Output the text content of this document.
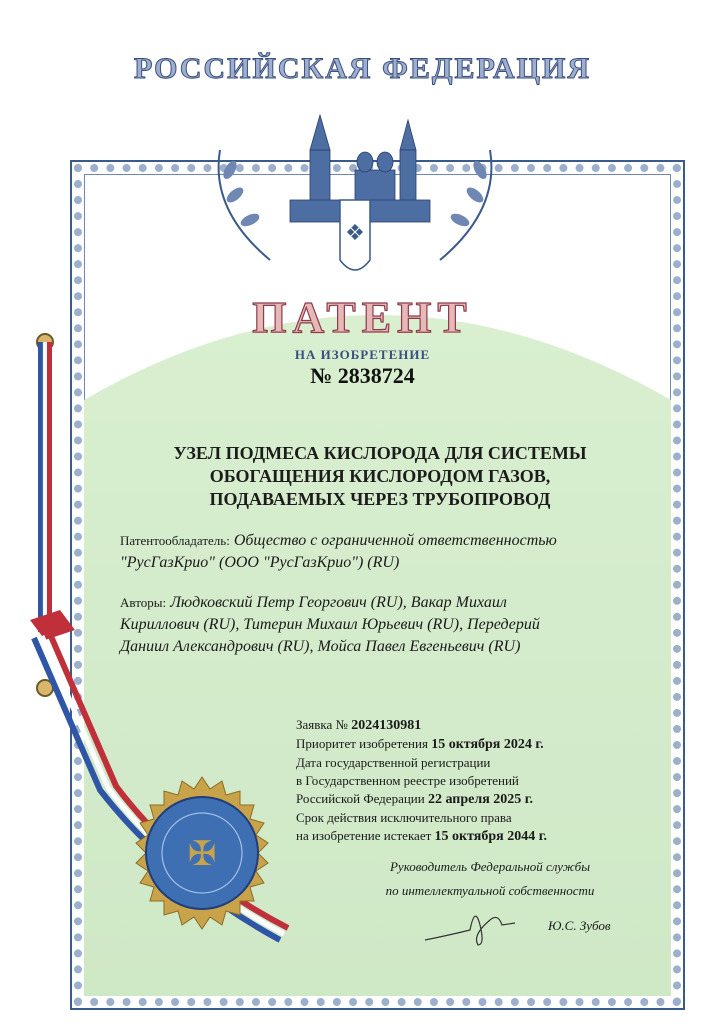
РОССИЙСКАЯ ФЕДЕРАЦИЯ
❖
ПАТЕНТ
НА ИЗОБРЕТЕНИЕ
№ 2838724
УЗЕЛ ПОДМЕСА КИСЛОРОДА ДЛЯ СИСТЕМЫ
ОБОГАЩЕНИЯ КИСЛОРОДОМ ГАЗОВ,
ПОДАВАЕМЫХ ЧЕРЕЗ ТРУБОПРОВОД
Патентообладатель: Общество с ограниченной ответственностью
"РусГазКрио" (ООО "РусГазКрио") (RU)
Авторы: Людковский Петр Георгович (RU), Вакар Михаил
Кириллович (RU), Титерин Михаил Юрьевич (RU), Передерий
Даниил Александрович (RU), Мойса Павел Евгеньевич (RU)
Заявка № 2024130981
Приоритет изобретения 15 октября 2024 г.
Дата государственной регистрации
в Государственном реестре изобретений
Российской Федерации 22 апреля 2025 г.
Срок действия исключительного права
на изобретение истекает 15 октября 2044 г.
Руководитель Федеральной службы
по интеллектуальной собственности
Ю.С. Зубов
✠
